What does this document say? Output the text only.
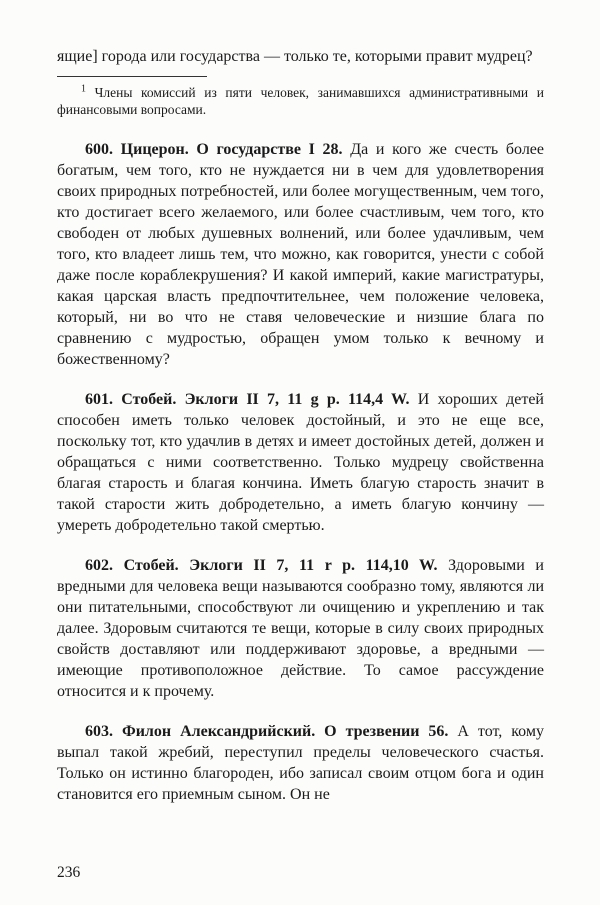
ящие] города или государства — только те, которыми правит мудрец?

$^1$ Члены комиссий из пяти человек, занимавшихся административными и финансовыми вопросами.

600. Цицерон. О государстве I 28. Да и кого же счесть более богатым, чем того, кто не нуждается ни в чем для удовлетворения своих природных потребностей, или более могущественным, чем того, кто достигает всего желаемого, или более счастливым, чем того, кто свободен от любых душевных волнений, или более удачливым, чем того, кто владеет лишь тем, что можно, как говорится, унести с собой даже после кораблекрушения? И какой империй, какие магистратуры, какая царская власть предпочтительнее, чем положение человека, который, ни во что не ставя человеческие и низшие блага по сравнению с мудростью, обращен умом только к вечному и божественному?

601. Стобей. Эклоги II 7, 11 g p. 114,4 W. И хороших детей способен иметь только человек достойный, и это не еще все, поскольку тот, кто удачлив в детях и имеет достойных детей, должен и обращаться с ними соответственно. Только мудрецу свойственна благая старость и благая кончина. Иметь благую старость значит в такой старости жить добродетельно, а иметь благую кончину — умереть добродетельно такой смертью.

602. Стобей. Эклоги II 7, 11 r p. 114,10 W. Здоровыми и вредными для человека вещи называются сообразно тому, являются ли они питательными, способствуют ли очищению и укреплению и так далее. Здоровым считаются те вещи, которые в силу своих природных свойств доставляют или поддерживают здоровье, а вредными — имеющие противоположное действие. То самое рассуждение относится и к прочему.

603. Филон Александрийский. О трезвении 56. А тот, кому выпал такой жребий, переступил пределы человеческого счастья. Только он истинно благороден, ибо записал своим отцом бога и один становится его приемным сыном. Он не

236
